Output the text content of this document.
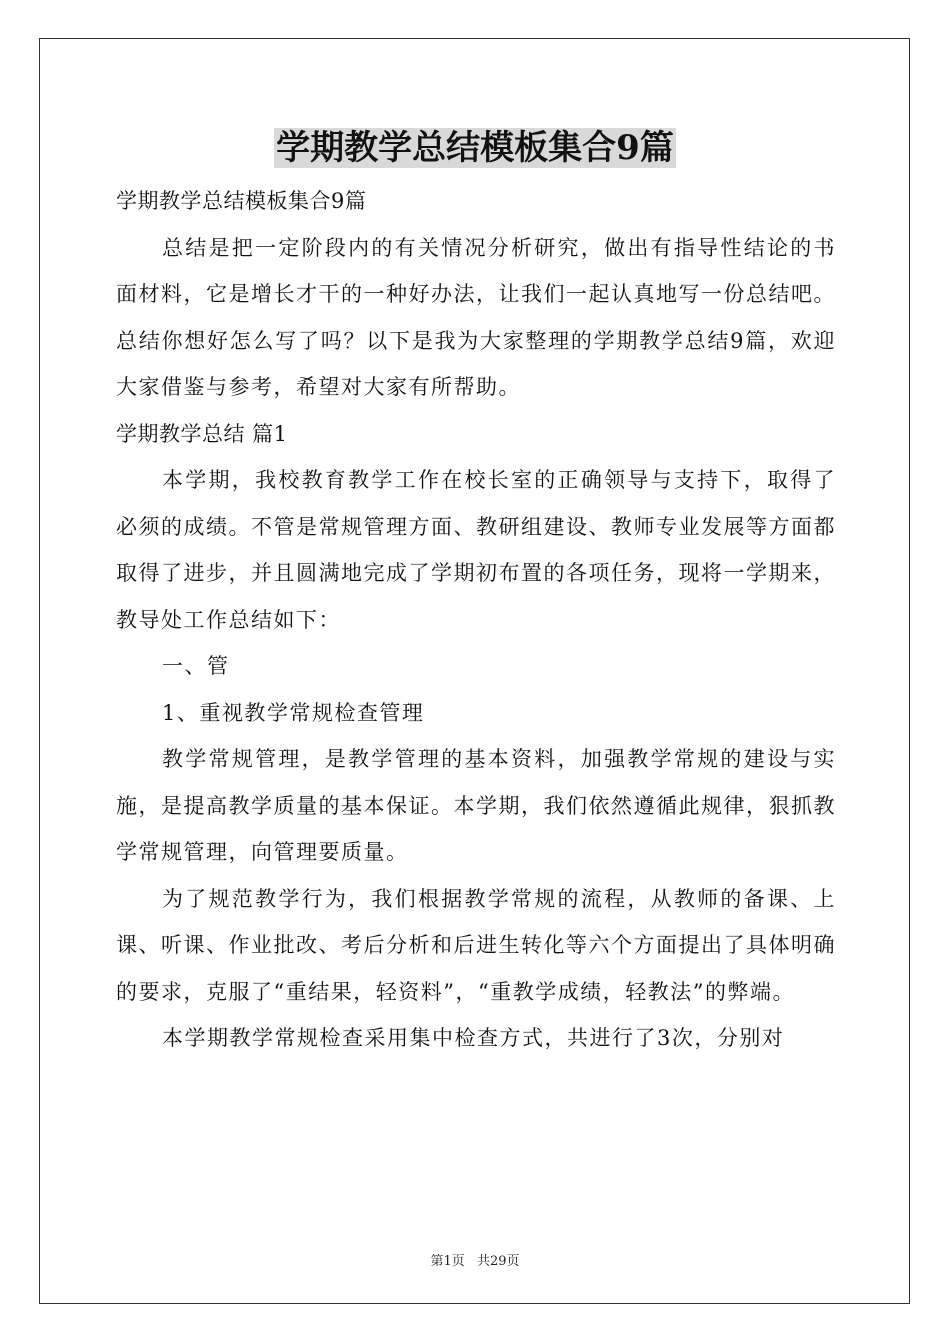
学期教学总结模板集合9篇

学期教学总结模板集合9篇

总结是把一定阶段内的有关情况分析研究，做出有指导性结论的书面材料，它是增长才干的一种好办法，让我们一起认真地写一份总结吧。总结你想好怎么写了吗？以下是我为大家整理的学期教学总结9篇，欢迎大家借鉴与参考，希望对大家有所帮助。

学期教学总结 篇1

本学期，我校教育教学工作在校长室的正确领导与支持下，取得了必须的成绩。不管是常规管理方面、教研组建设、教师专业发展等方面都取得了进步，并且圆满地完成了学期初布置的各项任务，现将一学期来，教导处工作总结如下：

一、管

1、重视教学常规检查管理

教学常规管理，是教学管理的基本资料，加强教学常规的建设与实施，是提高教学质量的基本保证。本学期，我们依然遵循此规律，狠抓教学常规管理，向管理要质量。

为了规范教学行为，我们根据教学常规的流程，从教师的备课、上课、听课、作业批改、考后分析和后进生转化等六个方面提出了具体明确的要求，克服了“重结果，轻资料”，“重教学成绩，轻教法”的弊端。

本学期教学常规检查采用集中检查方式，共进行了3次，分别对

第1页 共29页
